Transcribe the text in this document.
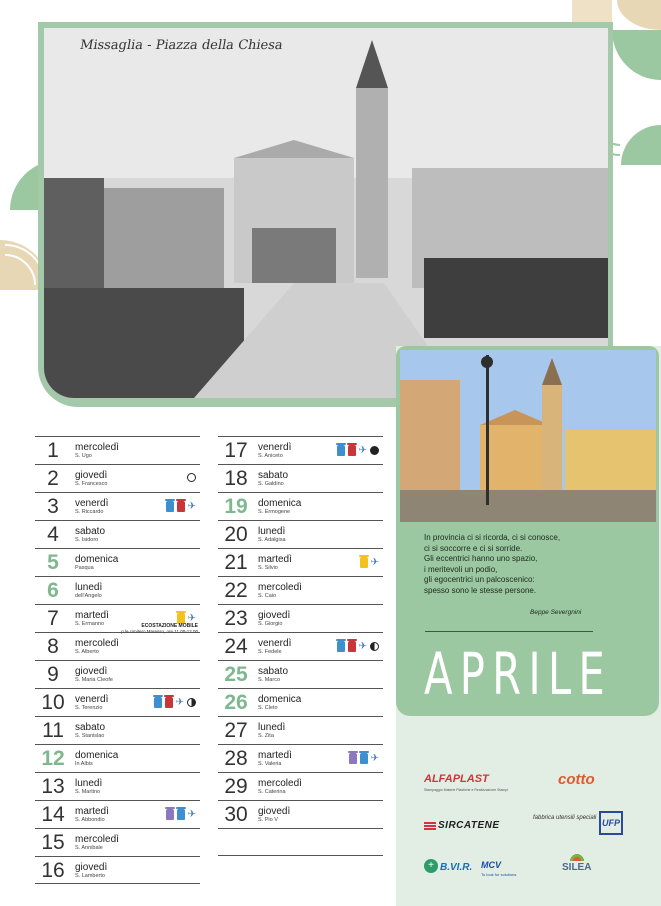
Missaglia - Piazza della Chiesa

In provincia ci si ricorda, ci si conosce,

ci si soccorre e ci si sorride.

Gli eccentrici hanno uno spazio,

i meritevoli un podio,

gli egocentrici un palcoscenico:

spesso sono le stesse persone.

Beppe Severgnini
APRILE
ALFAPLAST
Stampaggio Materie Plastiche e Realizzazione Stampi
cotto
SIRCATENE
fabbrica utensili speciali UFP
+ B.VI.R. MCV
To look for solutions
SILEA
1	mercoledì
S. Ugo
2	giovedì
S. Francesco
3	venerdì
S. Riccardo	✈
4	sabato
S. Isidoro
5	domenica
Pasqua
6	lunedì
dell'Angelo
7	martedì
S. Ermanno	✈
ECOSTAZIONE MOBILE
p.le cimitero Maresso, ore 11.00-12.00
8	mercoledì
S. Alberto
9	giovedì
S. Maria Cleofe
10	venerdì
S. Terenzio	✈
11	sabato
S. Stanislao
12	domenica
In Albis
13	lunedì
S. Martino
14	martedì
S. Abbondio	✈
15	mercoledì
S. Annibale
16	giovedì
S. Lamberto
17	venerdì
S. Aniceto	✈
18	sabato
S. Galdino
19	domenica
S. Ermogene
20	lunedì
S. Adalgisa
21	martedì
S. Silvio	✈
22	mercoledì
S. Caio
23	giovedì
S. Giorgio
24	venerdì
S. Fedele	✈
25	sabato
S. Marco
26	domenica
S. Cleto
27	lunedì
S. Zita
28	martedì
S. Valeria	✈
29	mercoledì
S. Caterina
30	giovedì
S. Pio V
